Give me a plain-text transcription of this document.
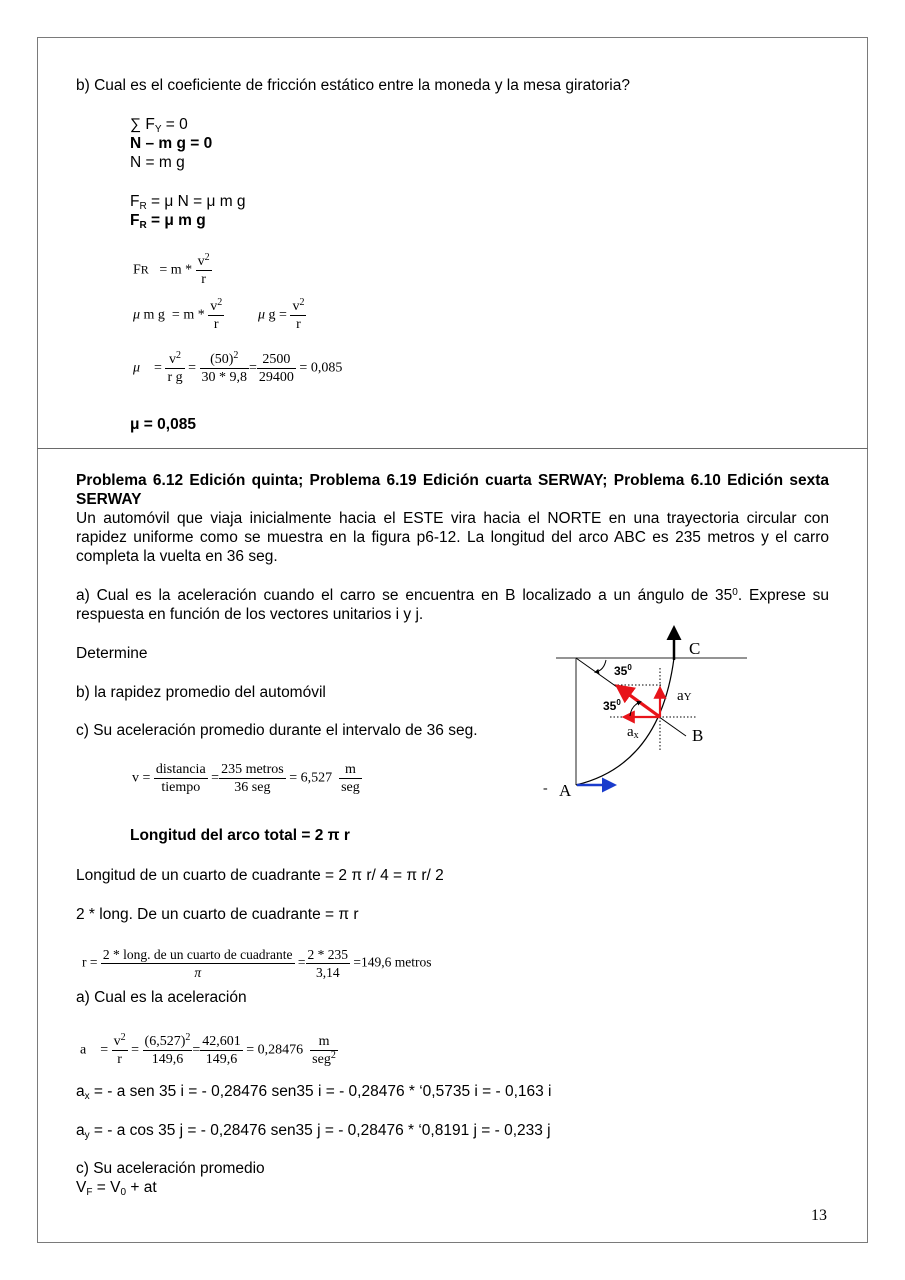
b) Cual es el coeficiente de fricción estático entre la moneda y la mesa giratoria?
∑ $F_Y = 0$
N – m g = 0
N = m g
$F_R = \mu$ N = μ m g
$F_R = \mu$ m g
FR = m * $\frac{v^2}{r}$
μ m $g = m * \frac{v^2}{r}$ μ $g = \frac{v^2}{r}$
$\mu = \frac{v^2}{\text{r g}} = \frac{(50)^2}{30 * 9,8} = \frac{2500}{29400} = 0,085$
μ = 0,085
Problema 6.12 Edición quinta; Problema 6.19 Edición cuarta SERWAY; Problema 6.10 Edición sexta SERWAY
Un automóvil que viaja inicialmente hacia el ESTE vira hacia el NORTE en una trayectoria circular con rapidez uniforme como se muestra en la figura p6-12. La longitud del arco ABC es 235 metros y el carro completa la vuelta en 36 seg.
a) Cual es la aceleración cuando el carro se encuentra en B localizado a un ángulo de $35^0$. Exprese su respuesta en función de los vectores unitarios i y j.
Determine
b) la rapidez promedio del automóvil
c) Su aceleración promedio durante el intervalo de 36 seg.
C
B
A
-
$35^0$
$35^0$	aY
ax
$v = \frac{\text{distancia}}{\text{tiempo}} = \frac{\text{235 metros}}{\text{36 seg}} = 6,527 \frac{m}{\text{seg}}$
Longitud del arco total = 2 π r
Longitud de un cuarto de cuadrante = 2 π r/ 4 = π r/ 2
2 * long. De un cuarto de cuadrante = π r
$r = \frac{\text{2 * long. de un cuarto de cuadrante}}{\pi} = \frac{2 * 235}{3,14} =149,6$ metros
a) Cual es la aceleración
$a = \frac{v^2}{r} = \frac{(6,527)^2}{149,6} = \frac{42,601}{149,6} = 0,28476 \frac{m}{seg^2}$
$a_x$ = - a sen 35 i = - 0,28476 sen35 i = - 0,28476 * ‘0,5735 i = - 0,163 i
$a_y$ = - a cos 35 j = - 0,28476 sen35 j = - 0,28476 * ‘0,8191 j = - 0,233 j
c) Su aceleración promedio
$V_F = V_0$ + at
13
